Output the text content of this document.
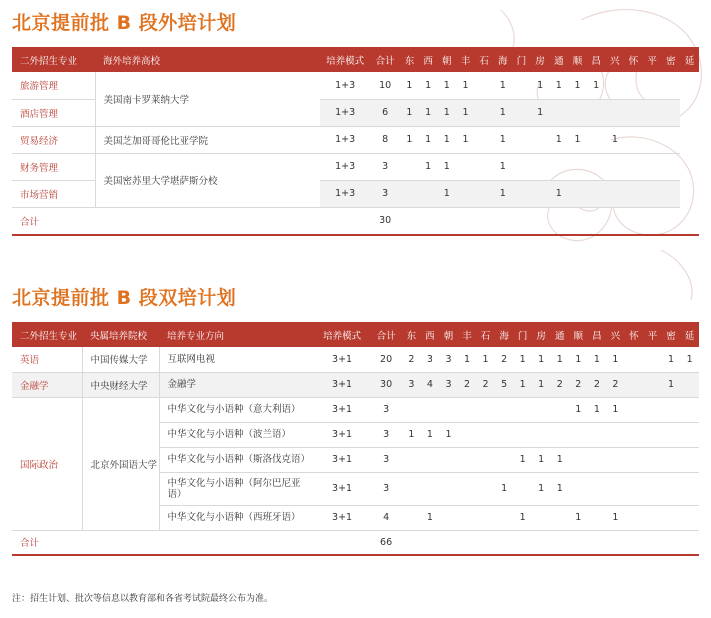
北京提前批 B 段外培计划
二外招生专业	海外培养高校	培养模式	合计	东	西	朝	丰	石	海	门	房	通	顺	昌	兴	怀	平	密	延
旅游管理	美国南卡罗莱纳大学	1+3	10	1	1	1	1		1		1	1	1	1					
酒店管理		1+3	6	1	1	1	1		1		1								
贸易经济	美国芝加哥哥伦比亚学院	1+3	8	1	1	1	1		1			1	1		1				
财务管理	美国密苏里大学堪萨斯分校	1+3	3		1	1			1										
市场营销		1+3	3			1			1			1							
合计			30																
北京提前批 B 段双培计划
二外招生专业	央属培养院校	培养专业方向	培养模式	合计	东	西	朝	丰	石	海	门	房	通	顺	昌	兴	怀	平	密	延
英语	中国传媒大学	互联网电视	3+1	20	2	3	3	1	1	2	1	1	1	1	1	1			1	1
金融学	中央财经大学	金融学	3+1	30	3	4	3	2	2	5	1	1	2	2	2	2			1	
国际政治	北京外国语大学	中华文化与小语种（意大利语）	3+1	3										1	1	1				
		中华文化与小语种（波兰语）	3+1	3	1	1	1													
		中华文化与小语种（斯洛伐克语）	3+1	3							1	1	1							
		中华文化与小语种（阿尔巴尼亚语）	3+1	3						1		1	1							
		中华文化与小语种（西班牙语）	3+1	4		1					1			1		1				
合计				66																
注：招生计划、批次等信息以教育部和各省考试院最终公布为准。
